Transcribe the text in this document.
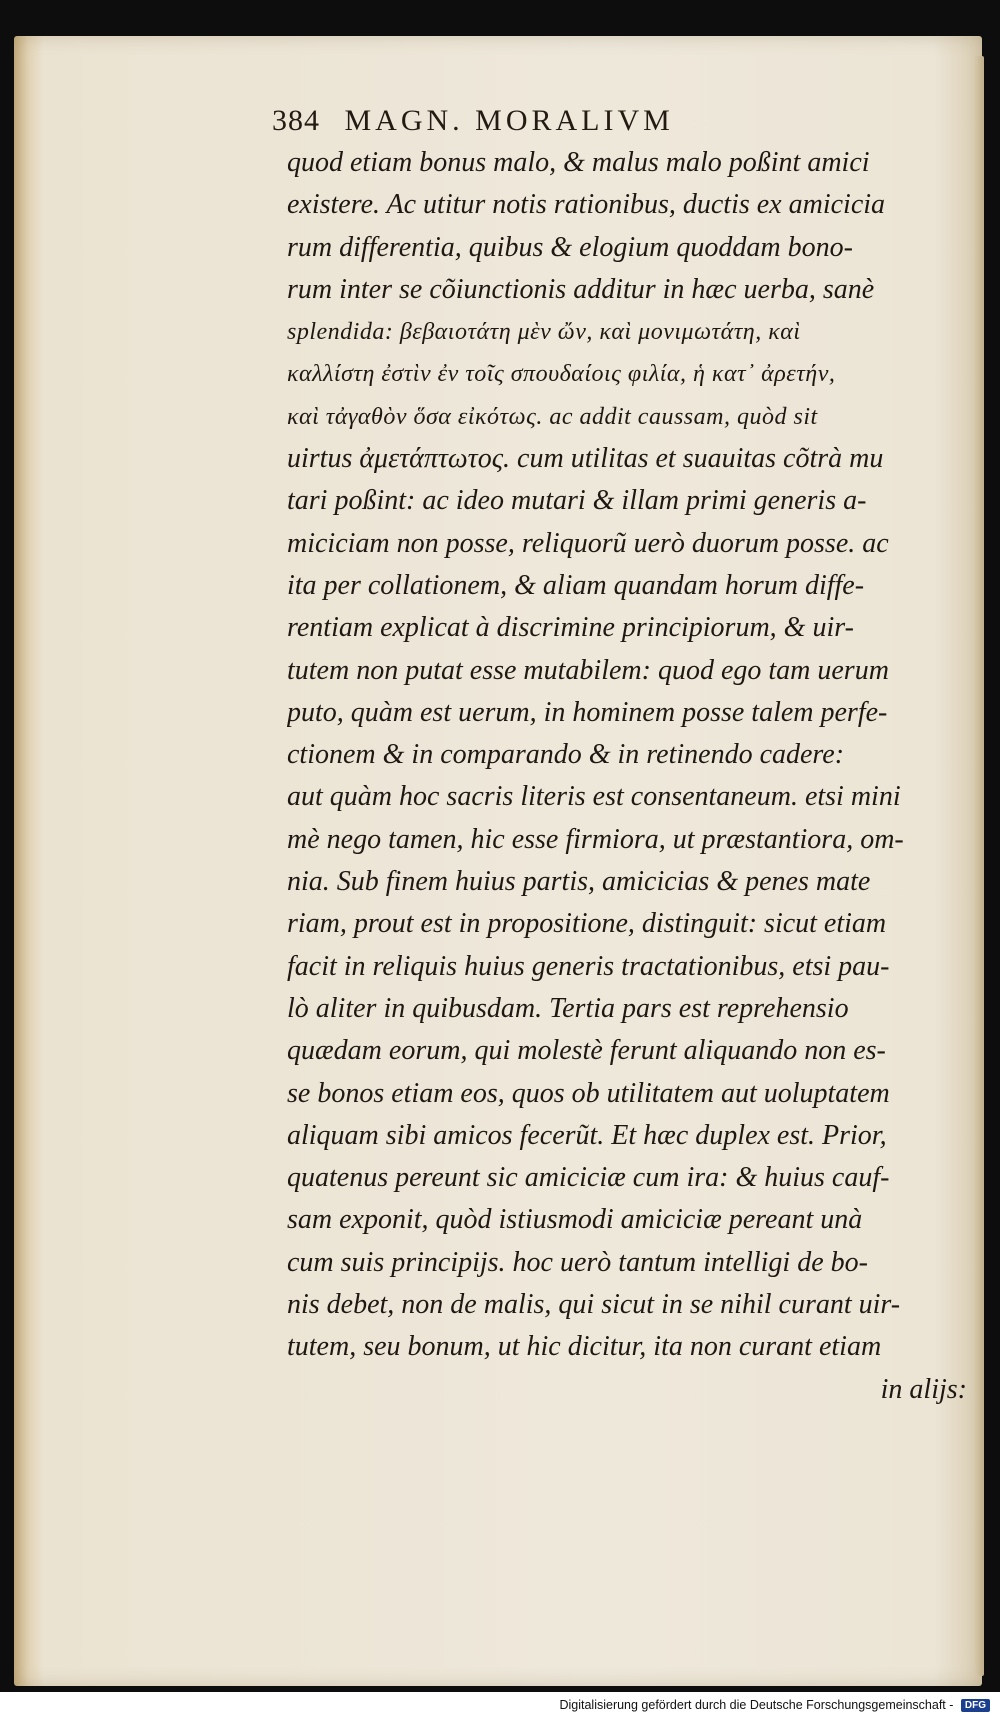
384 MAGN. MORALIVM
quod etiam bonus malo, & malus malo poßint amici
existere. Ac utitur notis rationibus, ductis ex amicicia
rum differentia, quibus & elogium quoddam bono-
rum inter se cõiunctionis additur in hæc uerba, sanè
splendida: βεβαιοτάτη μὲν ὤν, καὶ μονιμωτάτη, καὶ
καλλίστη ἐστὶν ἐν τοῖς σπουδαίοις φιλία, ἡ κατ᾽ ἀρετήν,
καὶ τἀγαθὸν ὅσα εἰκότως. ac addit caussam, quòd sit
uirtus ἀμετάπτωτος. cum utilitas et suauitas cõtrà mu
tari poßint: ac ideo mutari & illam primi generis a-
miciciam non posse, reliquorũ uerò duorum posse. ac
ita per collationem, & aliam quandam horum diffe-
rentiam explicat à discrimine principiorum, & uir-
tutem non putat esse mutabilem: quod ego tam uerum
puto, quàm est uerum, in hominem posse talem perfe-
ctionem & in comparando & in retinendo cadere:
aut quàm hoc sacris literis est consentaneum. etsi mini
mè nego tamen, hic esse firmiora, ut præstantiora, om-
nia. Sub finem huius partis, amicicias & penes mate
riam, prout est in propositione, distinguit: sicut etiam
facit in reliquis huius generis tractationibus, etsi pau-
lò aliter in quibusdam. Tertia pars est reprehensio
quædam eorum, qui molestè ferunt aliquando non es-
se bonos etiam eos, quos ob utilitatem aut uoluptatem
aliquam sibi amicos fecerũt. Et hæc duplex est. Prior,
quatenus pereunt sic amiciciæ cum ira: & huius cauf-
sam exponit, quòd istiusmodi amiciciæ pereant unà
cum suis principijs. hoc uerò tantum intelligi de bo-
nis debet, non de malis, qui sicut in se nihil curant uir-
tutem, seu bonum, ut hic dicitur, ita non curant etiam
in alijs:
Digitalisierung gefördert durch die Deutsche Forschungsgemeinschaft - DFG
